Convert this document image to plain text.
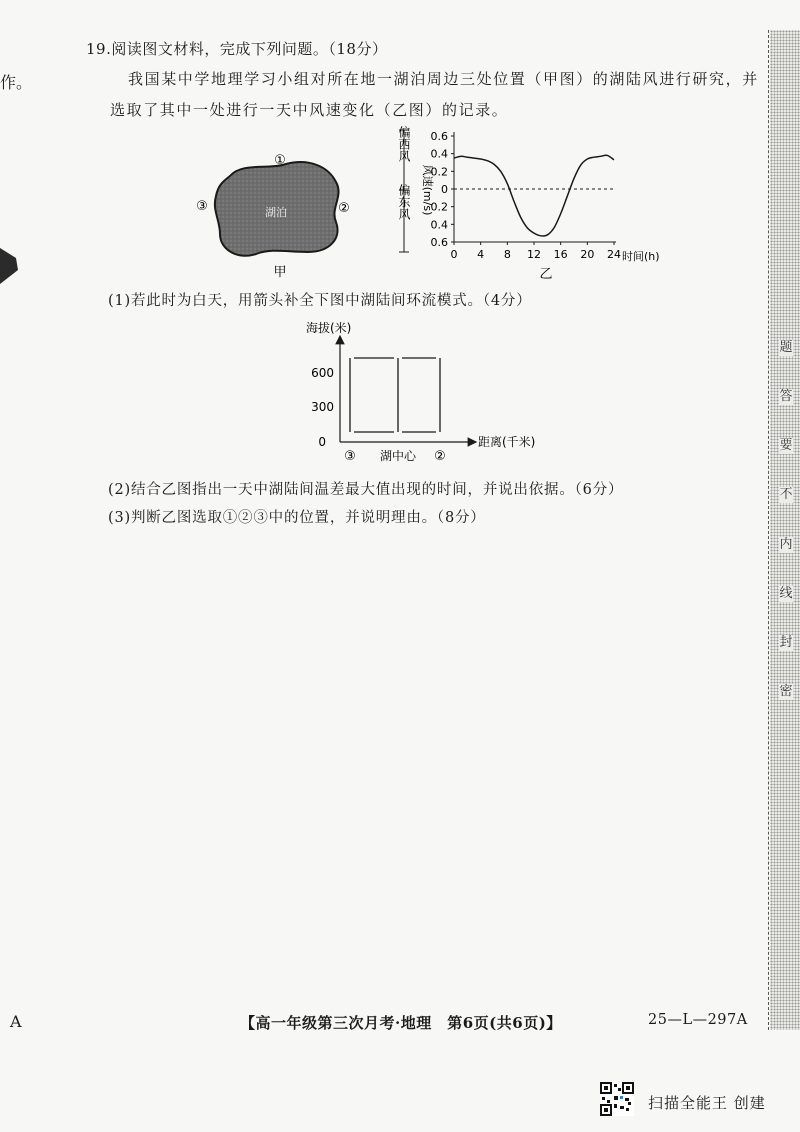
作。
19.阅读图文材料，完成下列问题。（18分）
我国某中学地理学习小组对所在地一湖泊周边三处位置（甲图）的湖陆风进行研究，并
选取了其中一处进行一天中风速变化（乙图）的记录。
湖泊
①
②
③
甲
偏西风
偏东风 风速(m/s)
0.6
0.4
0.2
0
0.2
0.4
0.6
0 4 8 12 16 20 24 时间(h)
乙
(1)若此时为白天，用箭头补全下图中湖陆间环流模式。（4分）
海拔(米)
600
300
0	距离(千米)
③ 湖中心 ②
(2)结合乙图指出一天中湖陆间温差最大值出现的时间，并说出依据。（6分）
(3)判断乙图选取①②③中的位置，并说明理由。（8分）
题
答
要
不
内
线
封
密
A	【高一年级第三次月考·地理　第6页(共6页)】	25—L—297A
扫描全能王 创建
